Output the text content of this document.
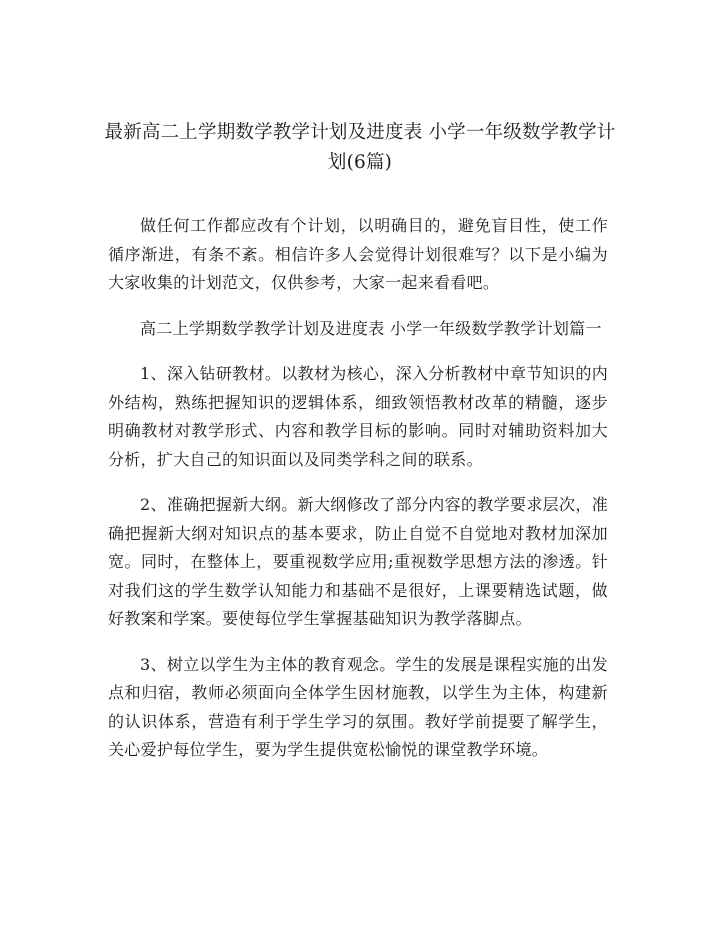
最新高二上学期数学教学计划及进度表 小学一年级数学教学计划(6篇)

做任何工作都应改有个计划，以明确目的，避免盲目性，使工作循序渐进，有条不紊。相信许多人会觉得计划很难写？以下是小编为大家收集的计划范文，仅供参考，大家一起来看看吧。

高二上学期数学教学计划及进度表 小学一年级数学教学计划篇一

1、深入钻研教材。以教材为核心，深入分析教材中章节知识的内外结构，熟练把握知识的逻辑体系，细致领悟教材改革的精髓，逐步明确教材对教学形式、内容和教学目标的影响。同时对辅助资料加大分析，扩大自己的知识面以及同类学科之间的联系。

2、准确把握新大纲。新大纲修改了部分内容的教学要求层次，准确把握新大纲对知识点的基本要求，防止自觉不自觉地对教材加深加宽。同时，在整体上，要重视数学应用;重视数学思想方法的渗透。针对我们这的学生数学认知能力和基础不是很好，上课要精选试题，做好教案和学案。要使每位学生掌握基础知识为教学落脚点。

3、树立以学生为主体的教育观念。学生的发展是课程实施的出发点和归宿，教师必须面向全体学生因材施教，以学生为主体，构建新的认识体系，营造有利于学生学习的氛围。教好学前提要了解学生，关心爱护每位学生，要为学生提供宽松愉悦的课堂教学环境。
